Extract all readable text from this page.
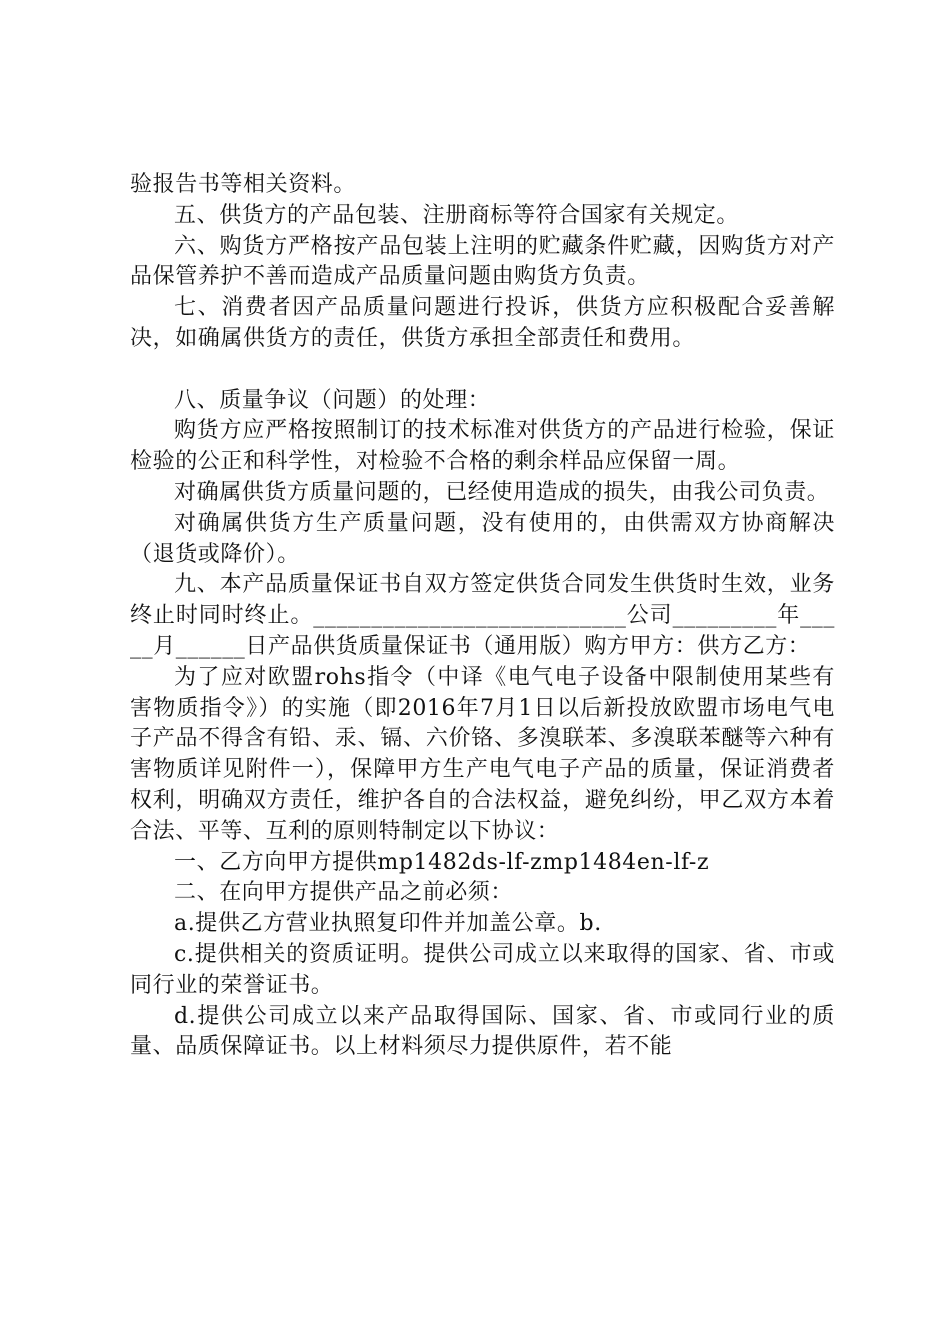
验报告书等相关资料。

五、供货方的产品包装、注册商标等符合国家有关规定。

六、购货方严格按产品包装上注明的贮藏条件贮藏，因购货方对产品保管养护不善而造成产品质量问题由购货方负责。

七、消费者因产品质量问题进行投诉，供货方应积极配合妥善解决，如确属供货方的责任，供货方承担全部责任和费用。

八、质量争议（问题）的处理：

购货方应严格按照制订的技术标准对供货方的产品进行检验，保证检验的公正和科学性，对检验不合格的剩余样品应保留一周。

对确属供货方质量问题的，已经使用造成的损失，由我公司负责。

对确属供货方生产质量问题，没有使用的，由供需双方协商解决（退货或降价）。

九、本产品质量保证书自双方签定供货合同发生供货时生效，业务终止时同时终止。___________________________公司_________年_____月______日产品供货质量保证书（通用版）购方甲方：供方乙方：

为了应对欧盟rohs指令（中译《电气电子设备中限制使用某些有害物质指令》）的实施（即2016年7月1日以后新投放欧盟市场电气电子产品不得含有铅、汞、镉、六价铬、多溴联苯、多溴联苯醚等六种有害物质详见附件一），保障甲方生产电气电子产品的质量，保证消费者权利，明确双方责任，维护各自的合法权益，避免纠纷，甲乙双方本着合法、平等、互利的原则特制定以下协议：

一、乙方向甲方提供mp1482ds-lf-zmp1484en-lf-z

二、在向甲方提供产品之前必须：

a.提供乙方营业执照复印件并加盖公章。b.

c.提供相关的资质证明。提供公司成立以来取得的国家、省、市或同行业的荣誉证书。

d.提供公司成立以来产品取得国际、国家、省、市或同行业的质量、品质保障证书。以上材料须尽力提供原件，若不能
